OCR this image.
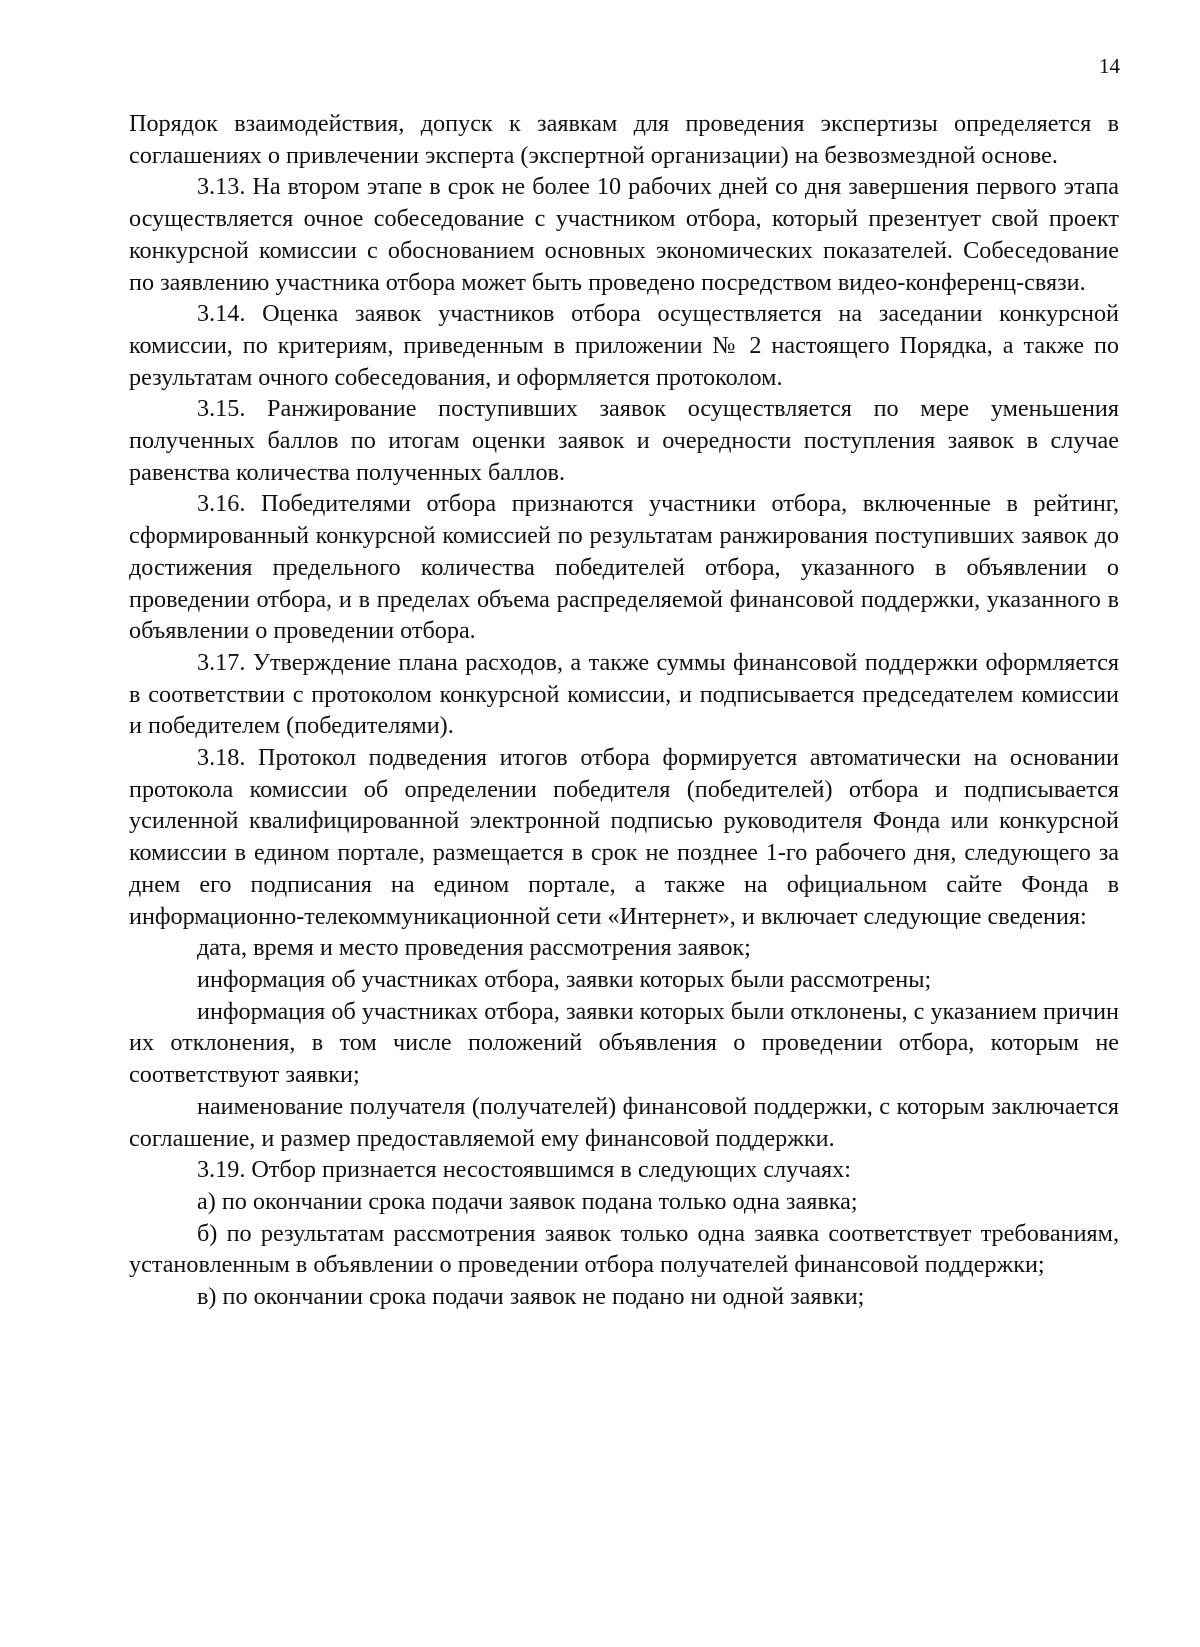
14

Порядок взаимодействия, допуск к заявкам для проведения экспертизы определяется в соглашениях о привлечении эксперта (экспертной организации) на безвозмездной основе.

3.13. На втором этапе в срок не более 10 рабочих дней со дня завершения первого этапа осуществляется очное собеседование с участником отбора, который презентует свой проект конкурсной комиссии с обоснованием основных экономических показателей. Собеседование по заявлению участника отбора может быть проведено посредством видео-конференц-связи.

3.14. Оценка заявок участников отбора осуществляется на заседании конкурсной комиссии, по критериям, приведенным в приложении № 2 настоящего Порядка, а также по результатам очного собеседования, и оформляется протоколом.

3.15. Ранжирование поступивших заявок осуществляется по мере уменьшения полученных баллов по итогам оценки заявок и очередности поступления заявок в случае равенства количества полученных баллов.

3.16. Победителями отбора признаются участники отбора, включенные в рейтинг, сформированный конкурсной комиссией по результатам ранжирования поступивших заявок до достижения предельного количества победителей отбора, указанного в объявлении о проведении отбора, и в пределах объема распределяемой финансовой поддержки, указанного в объявлении о проведении отбора.

3.17. Утверждение плана расходов, а также суммы финансовой поддержки оформляется в соответствии с протоколом конкурсной комиссии, и подписывается председателем комиссии и победителем (победителями).

3.18. Протокол подведения итогов отбора формируется автоматически на основании протокола комиссии об определении победителя (победителей) отбора и подписывается усиленной квалифицированной электронной подписью руководителя Фонда или конкурсной комиссии в едином портале, размещается в срок не позднее 1-го рабочего дня, следующего за днем его подписания на едином портале, а также на официальном сайте Фонда в информационно-телекоммуникационной сети «Интернет», и включает следующие сведения:

дата, время и место проведения рассмотрения заявок;

информация об участниках отбора, заявки которых были рассмотрены;

информация об участниках отбора, заявки которых были отклонены, с указанием причин их отклонения, в том числе положений объявления о проведении отбора, которым не соответствуют заявки;

наименование получателя (получателей) финансовой поддержки, с которым заключается соглашение, и размер предоставляемой ему финансовой поддержки.

3.19. Отбор признается несостоявшимся в следующих случаях:

а) по окончании срока подачи заявок подана только одна заявка;

б) по результатам рассмотрения заявок только одна заявка соответствует требованиям, установленным в объявлении о проведении отбора получателей финансовой поддержки;

в) по окончании срока подачи заявок не подано ни одной заявки;
